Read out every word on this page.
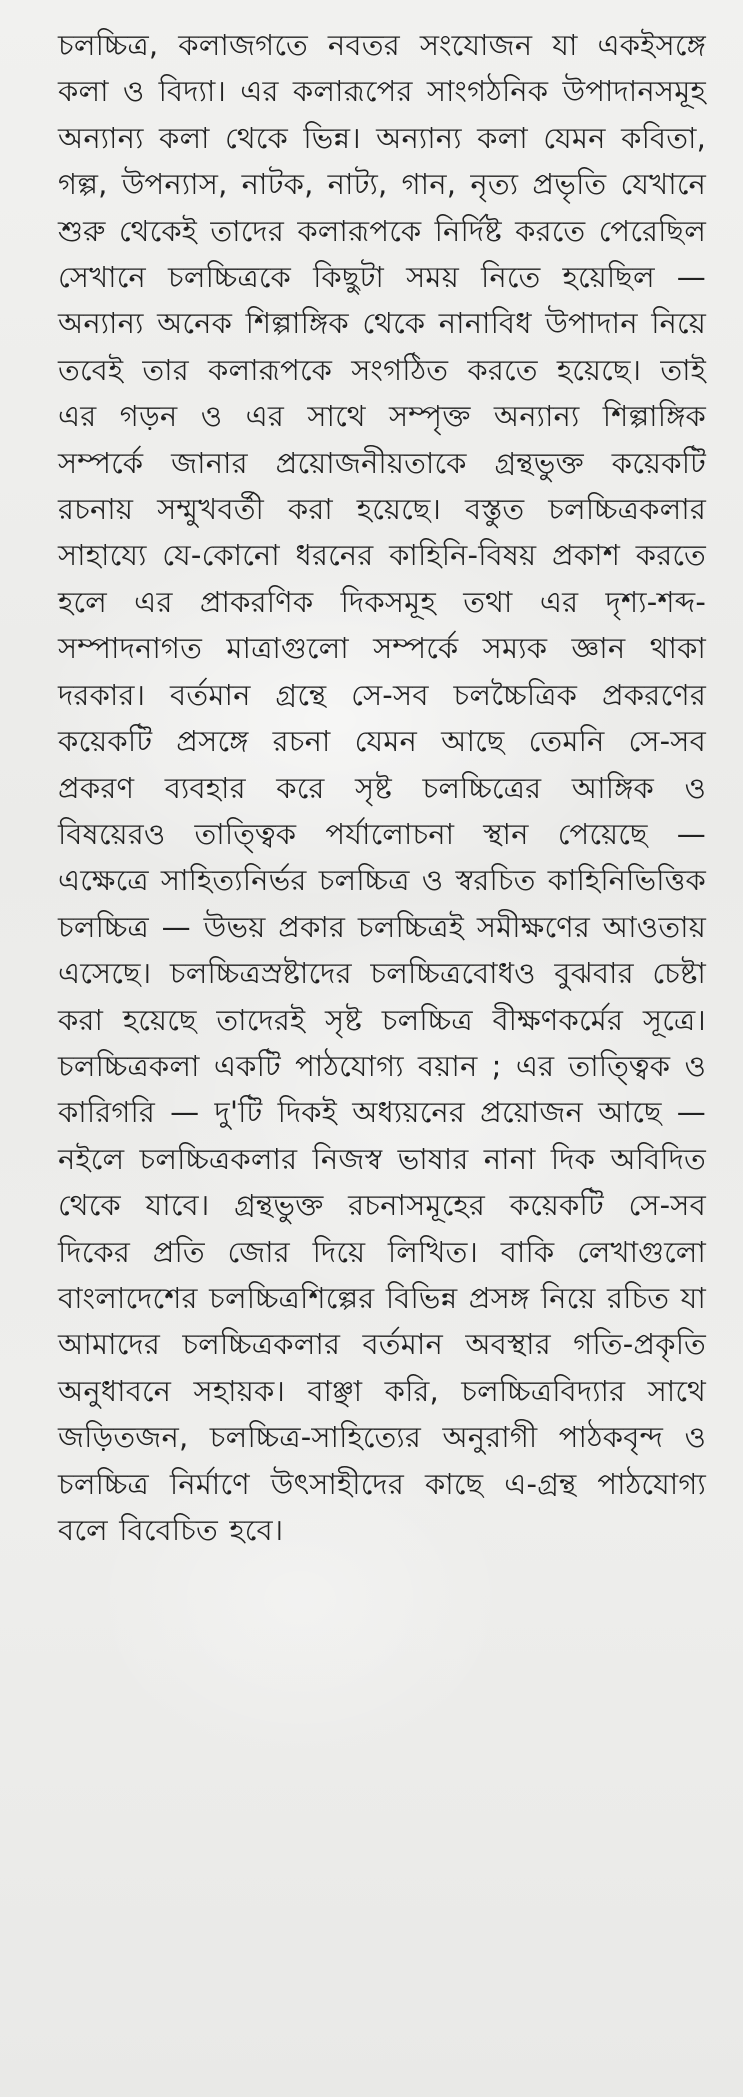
চলচ্চিত্র, কলাজগতে নবতর সংযোজন যা একইসঙ্গে কলা ও বিদ্যা। এর কলারূপের সাংগঠনিক উপাদানসমূহ অন্যান্য কলা থেকে ভিন্ন। অন্যান্য কলা যেমন কবিতা, গল্প, উপন্যাস, নাটক, নাট্য, গান, নৃত্য প্রভৃতি যেখানে শুরু থেকেই তাদের কলারূপকে নির্দিষ্ট করতে পেরেছিল সেখানে চলচ্চিত্রকে কিছুটা সময় নিতে হয়েছিল — অন্যান্য অনেক শিল্পাঙ্গিক থেকে নানাবিধ উপাদান নিয়ে তবেই তার কলারূপকে সংগঠিত করতে হয়েছে। তাই এর গড়ন ও এর সাথে সম্পৃক্ত অন্যান্য শিল্পাঙ্গিক সম্পর্কে জানার প্রয়োজনীয়তাকে গ্রন্থভুক্ত কয়েকটি রচনায় সম্মুখবর্তী করা হয়েছে। বস্তুত চলচ্চিত্রকলার সাহায্যে যে-কোনো ধরনের কাহিনি-বিষয় প্রকাশ করতে হলে এর প্রাকরণিক দিকসমূহ তথা এর দৃশ্য-শব্দ-সম্পাদনাগত মাত্রাগুলো সম্পর্কে সম্যক জ্ঞান থাকা দরকার। বর্তমান গ্রন্থে সে-সব চলচ্চৈত্রিক প্রকরণের কয়েকটি প্রসঙ্গে রচনা যেমন আছে তেমনি সে-সব প্রকরণ ব্যবহার করে সৃষ্ট চলচ্চিত্রের আঙ্গিক ও বিষয়েরও তাত্ত্বিক পর্যালোচনা স্থান পেয়েছে — এক্ষেত্রে সাহিত্যনির্ভর চলচ্চিত্র ও স্বরচিত কাহিনিভিত্তিক চলচ্চিত্র — উভয় প্রকার চলচ্চিত্রই সমীক্ষণের আওতায় এসেছে। চলচ্চিত্রস্রষ্টাদের চলচ্চিত্রবোধও বুঝবার চেষ্টা করা হয়েছে তাদেরই সৃষ্ট চলচ্চিত্র বীক্ষণকর্মের সূত্রে। চলচ্চিত্রকলা একটি পাঠযোগ্য বয়ান ; এর তাত্ত্বিক ও কারিগরি — দু'টি দিকই অধ্যয়নের প্রয়োজন আছে — নইলে চলচ্চিত্রকলার নিজস্ব ভাষার নানা দিক অবিদিত থেকে যাবে। গ্রন্থভুক্ত রচনাসমূহের কয়েকটি সে-সব দিকের প্রতি জোর দিয়ে লিখিত। বাকি লেখাগুলো বাংলাদেশের চলচ্চিত্রশিল্পের বিভিন্ন প্রসঙ্গ নিয়ে রচিত যা আমাদের চলচ্চিত্রকলার বর্তমান অবস্থার গতি-প্রকৃতি অনুধাবনে সহায়ক। বাঞ্ছা করি, চলচ্চিত্রবিদ্যার সাথে জড়িতজন, চলচ্চিত্র-সাহিত্যের অনুরাগী পাঠকবৃন্দ ও চলচ্চিত্র নির্মাণে উৎসাহীদের কাছে এ-গ্রন্থ পাঠযোগ্য বলে বিবেচিত হবে।
